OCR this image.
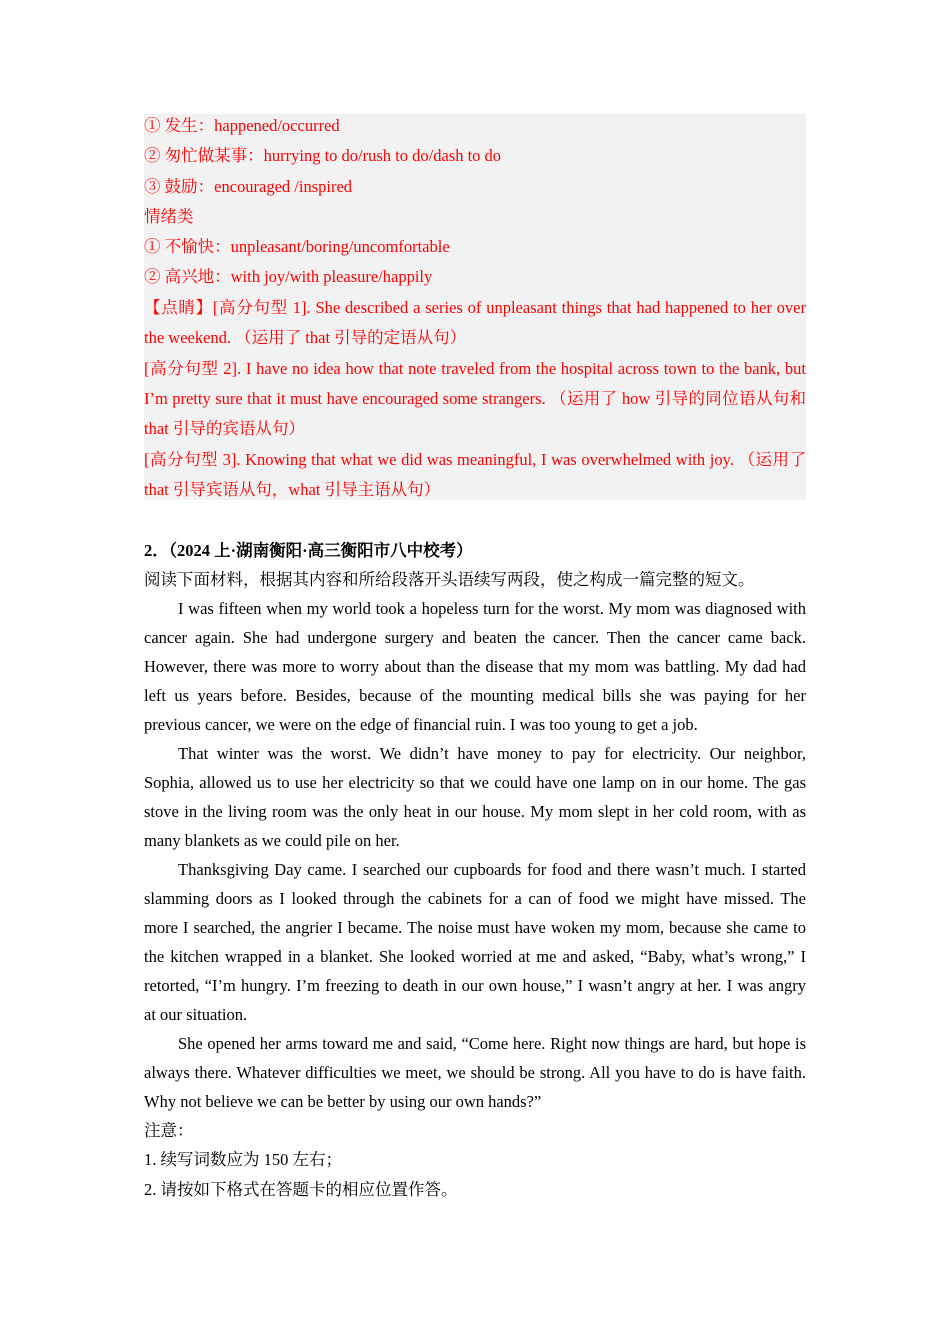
① 发生：happened/occurred
② 匆忙做某事：hurrying to do/rush to do/dash to do
③ 鼓励：encouraged /inspired
情绪类
① 不愉快：unpleasant/boring/uncomfortable
② 高兴地：with joy/with pleasure/happily
【点睛】[高分句型 1]. She described a series of unpleasant things that had happened to her over
the weekend. （运用了 that 引导的定语从句）
[高分句型 2]. I have no idea how that note traveled from the hospital across town to the bank, but
I’m pretty sure that it must have encouraged some strangers. （运用了 how 引导的同位语从句和
that 引导的宾语从句）
[高分句型 3]. Knowing that what we did was meaningful, I was overwhelmed with joy. （运用了
that 引导宾语从句，what 引导主语从句）
2．（2024 上·湖南衡阳·高三衡阳市八中校考）
阅读下面材料，根据其内容和所给段落开头语续写两段，使之构成一篇完整的短文。
I was fifteen when my world took a hopeless turn for the worst. My mom was diagnosed with
cancer again. She had undergone surgery and beaten the cancer. Then the cancer came back.
However, there was more to worry about than the disease that my mom was battling. My dad had
left us years before. Besides, because of the mounting medical bills she was paying for her
previous cancer, we were on the edge of financial ruin. I was too young to get a job.
That winter was the worst. We didn’t have money to pay for electricity. Our neighbor,
Sophia, allowed us to use her electricity so that we could have one lamp on in our home. The gas
stove in the living room was the only heat in our house. My mom slept in her cold room, with as
many blankets as we could pile on her.
Thanksgiving Day came. I searched our cupboards for food and there wasn’t much. I started
slamming doors as I looked through the cabinets for a can of food we might have missed. The
more I searched, the angrier I became. The noise must have woken my mom, because she came to
the kitchen wrapped in a blanket. She looked worried at me and asked, “Baby, what’s wrong,” I
retorted, “I’m hungry. I’m freezing to death in our own house,” I wasn’t angry at her. I was angry
at our situation.
She opened her arms toward me and said, “Come here. Right now things are hard, but hope is
always there. Whatever difficulties we meet, we should be strong. All you have to do is have faith.
Why not believe we can be better by using our own hands?”
注意：
1. 续写词数应为 150 左右；
2. 请按如下格式在答题卡的相应位置作答。
